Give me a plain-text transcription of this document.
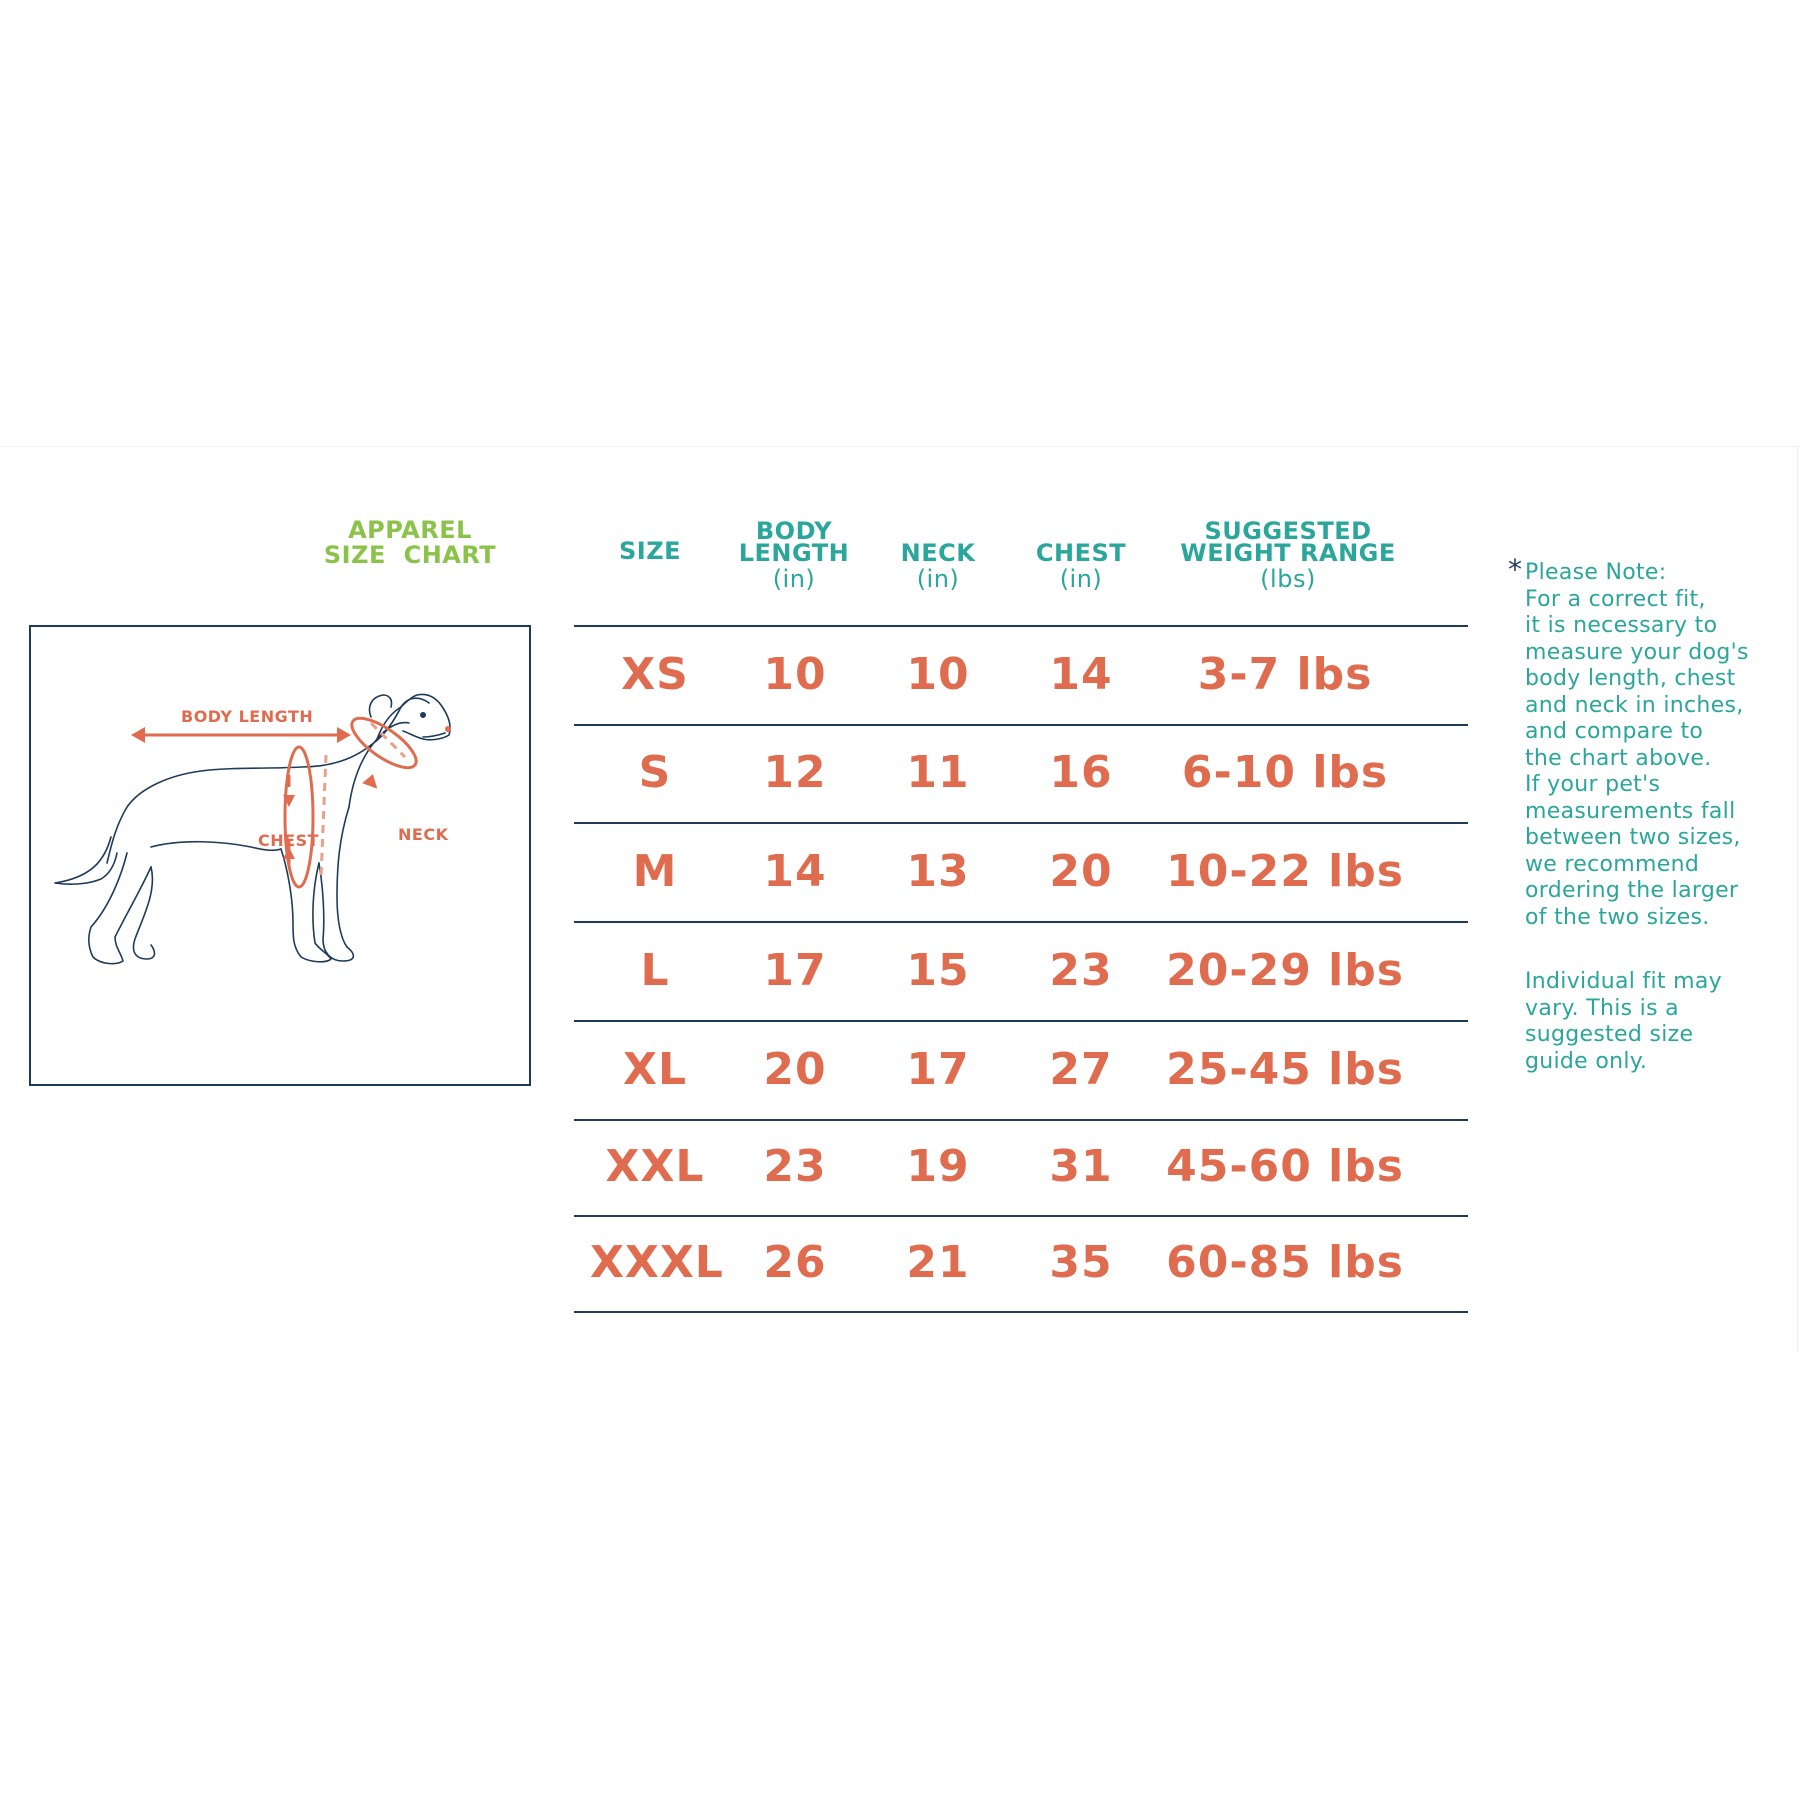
APPAREL
SIZE  CHART
BODY LENGTH
CHEST	NECK
SIZE
BODY
LENGTH
(in)
NECK
(in)
CHEST
(in)
SUGGESTED
WEIGHT RANGE
(lbs)
XS	10	10	14	3-7 lbs
S	12	11	16	6-10 lbs
M	14	13	20	10-22 lbs
L	17	15	23	20-29 lbs
XL	20	17	27	25-45 lbs
XXL	23	19	31	45-60 lbs
XXXL 26	21	35	60-85 lbs
* Please Note:

For a correct fit,

it is necessary to

measure your dog's

body length, chest

and neck in inches,

and compare to

the chart above.

If your pet's

measurements fall

between two sizes,

we recommend

ordering the larger

of the two sizes.

Individual fit may

vary. This is a

suggested size

guide only.
